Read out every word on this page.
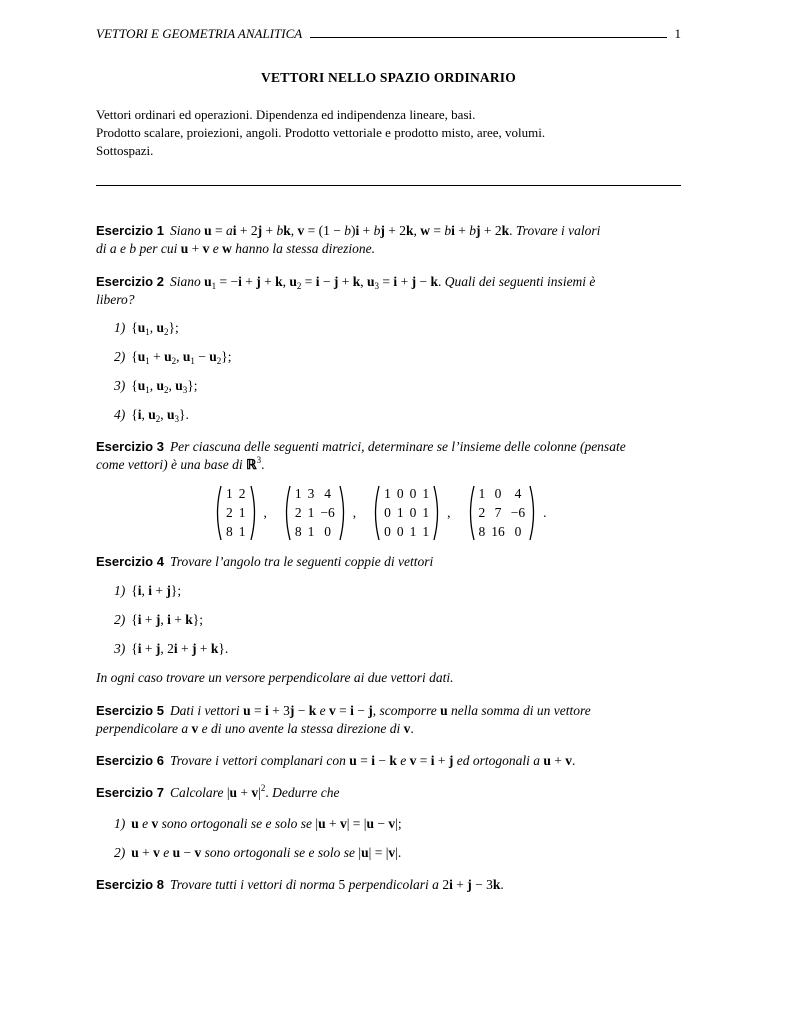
VETTORI E GEOMETRIA ANALITICA	1
VETTORI NELLO SPAZIO ORDINARIO
Vettori ordinari ed operazioni. Dipendenza ed indipendenza lineare, basi.
Prodotto scalare, proiezioni, angoli. Prodotto vettoriale e prodotto misto, aree, volumi.
Sottospazi.
Esercizio 1 Siano u = ai + 2j + bk, v = (1 − b)i + bj + 2k, w = bi + bj + 2k. Trovare i valori
di a e b per cui u + v e w hanno la stessa direzione.
Esercizio 2 Siano $u_1 = -i + j + k$, $u_2 = i - j + k$, $u_3 = i + j - k$. Quali dei seguenti insiemi è
libero?
1) {$u_1$, $u_2$};
2) {$u_1 + u_2$, $u_1 - u_2$};
3) {$u_1$, $u_2$, $u_3$};
4) {i, $u_2$, $u_3$}.
Esercizio 3 Per ciascuna delle seguenti matrici, determinare se l’insieme delle colonne (pensate
come vettori) è una base di ℝ$^3$.
1	2
2	1
8	1
,
1	3	4
2	1	−6
8	1	0
,
1	0	0	1
0	1	0	1
0	0	1	1
,
1	0	4
2	7	−6
8	16	0
.
Esercizio 4 Trovare l’angolo tra le seguenti coppie di vettori
1) {i, i + j};
2) {i + j, i + k};
3) {i + j, 2i + j + k}.
In ogni caso trovare un versore perpendicolare ai due vettori dati.
Esercizio 5 Dati i vettori u = i + 3j − k e v = i − j, scomporre u nella somma di un vettore
perpendicolare a v e di uno avente la stessa direzione di v.
Esercizio 6 Trovare i vettori complanari con u = i − k e v = i + j ed ortogonali a u + v.
Esercizio 7 Calcolare $|u + v|^2$. Dedurre che
1) u e v sono ortogonali se e solo se |u + v| = |u − v|;
2) u + v e u − v sono ortogonali se e solo se |u| = |v|.
Esercizio 8 Trovare tutti i vettori di norma 5 perpendicolari a 2i + j − 3k.
